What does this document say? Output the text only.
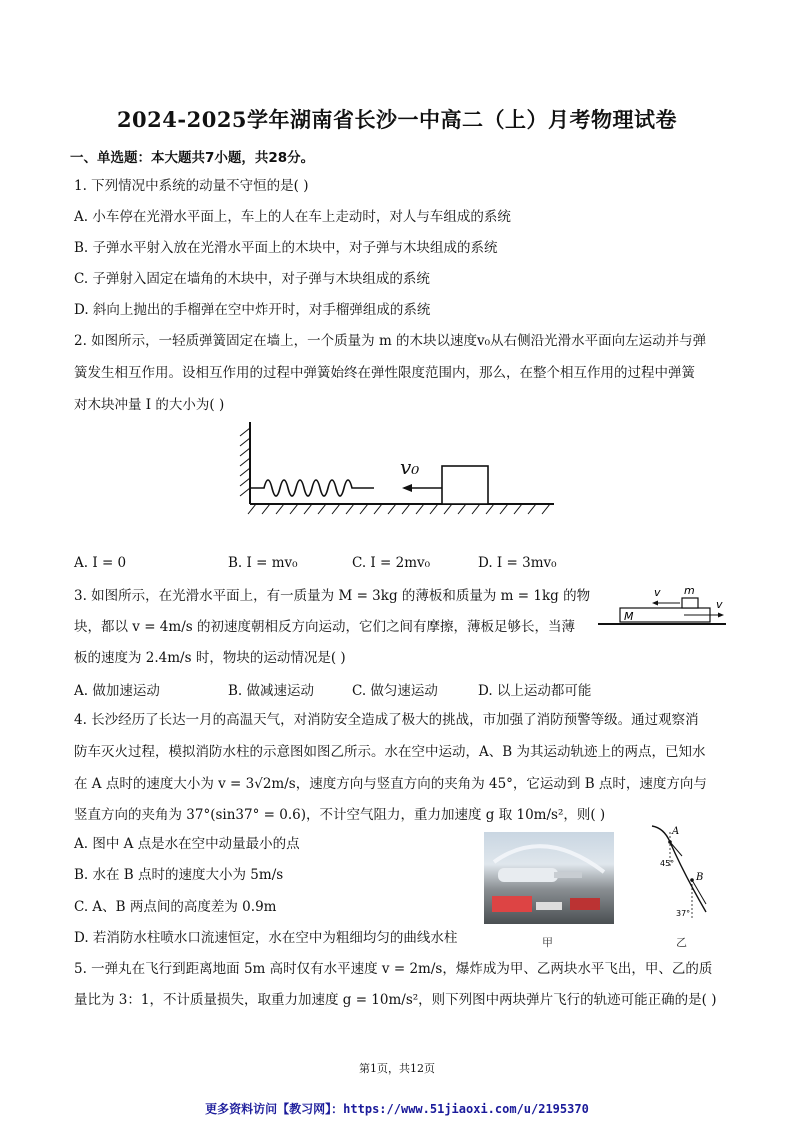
2024-2025学年湖南省长沙一中高二（上）月考物理试卷
一、单选题：本大题共7小题，共28分。
1. 下列情况中系统的动量不守恒的是( )
A. 小车停在光滑水平面上，车上的人在车上走动时，对人与车组成的系统
B. 子弹水平射入放在光滑水平面上的木块中，对子弹与木块组成的系统
C. 子弹射入固定在墙角的木块中，对子弹与木块组成的系统
D. 斜向上抛出的手榴弹在空中炸开时，对手榴弹组成的系统
2. 如图所示，一轻质弹簧固定在墙上，一个质量为 m 的木块以速度v₀从右侧沿光滑水平面向左运动并与弹
簧发生相互作用。设相互作用的过程中弹簧始终在弹性限度范围内，那么，在整个相互作用的过程中弹簧
对木块冲量 I 的大小为( )
v₀
A. I = 0	B. I = mv₀	C. I = 2mv₀	D. I = 3mv₀
3. 如图所示，在光滑水平面上，有一质量为 M = 3kg 的薄板和质量为 m = 1kg 的物
块，都以 v = 4m/s 的初速度朝相反方向运动，它们之间有摩擦，薄板足够长，当薄
板的速度为 2.4m/s 时，物块的运动情况是( )
v m
v
M
A. 做加速运动	B. 做减速运动	C. 做匀速运动	D. 以上运动都可能
4. 长沙经历了长达一月的高温天气，对消防安全造成了极大的挑战，市加强了消防预警等级。通过观察消
防车灭火过程，模拟消防水柱的示意图如图乙所示。水在空中运动，A、B 为其运动轨迹上的两点，已知水
在 A 点时的速度大小为 v = 3√2m/s，速度方向与竖直方向的夹角为 45°，它运动到 B 点时，速度方向与
竖直方向的夹角为 37°(sin37° = 0.6)，不计空气阻力，重力加速度 g 取 10m/s²，则( )
A. 图中 A 点是水在空中动量最小的点
B. 水在 B 点时的速度大小为 5m/s
C. A、B 两点间的高度差为 0.9m
D. 若消防水柱喷水口流速恒定，水在空中为粗细均匀的曲线水柱	甲
A
B
45°
37°
乙
5. 一弹丸在飞行到距离地面 5m 高时仅有水平速度 v = 2m/s，爆炸成为甲、乙两块水平飞出，甲、乙的质
量比为 3：1，不计质量损失，取重力加速度 g = 10m/s²，则下列图中两块弹片飞行的轨迹可能正确的是( )
第1页，共12页
更多资料访问【教习网】：https://www.51jiaoxi.com/u/2195370
